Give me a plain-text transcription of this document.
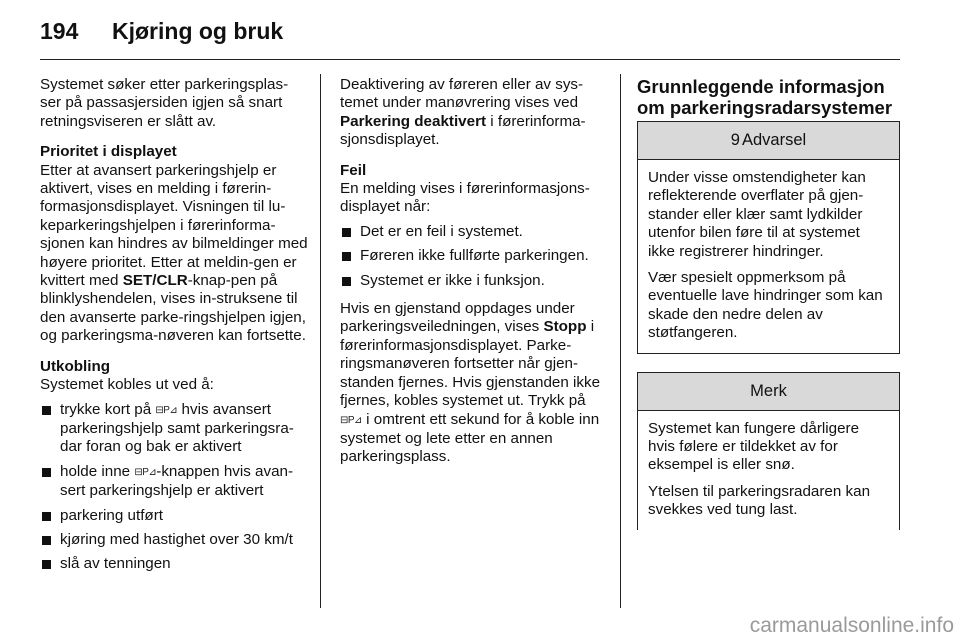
194 Kjøring og bruk

Systemet søker etter parkeringsplas-ser på passasjersiden igjen så snart retningsviseren er slått av.

Prioritet i displayet

Etter at avansert parkeringshjelp er aktivert, vises en melding i førerin-formasjonsdisplayet. Visningen til lu-keparkeringshjelpen i førerinforma-sjonen kan hindres av bilmeldinger med høyere prioritet. Etter at meldin-gen er kvittert med SET/CLR-knap-pen på blinklyshendelen, vises in-struksene til den avanserte parke-ringshjelpen igjen, og parkeringsma-nøveren kan fortsette.

Utkobling

Systemet kobles ut ved å:

trykke kort på ⊟P⊿ hvis avansert parkeringshjelp samt parkeringsra-dar foran og bak er aktivert
holde inne ⊟P⊿-knappen hvis avan-sert parkeringshjelp er aktivert
parkering utført
kjøring med hastighet over 30 km/t
slå av tenningen

Deaktivering av føreren eller av sys-temet under manøvrering vises ved Parkering deaktivert i førerinforma-sjonsdisplayet.

Feil

En melding vises i førerinformasjons-displayet når:

Det er en feil i systemet.
Føreren ikke fullførte parkeringen.
Systemet er ikke i funksjon.

Hvis en gjenstand oppdages under parkeringsveiledningen, vises Stopp i førerinformasjonsdisplayet. Parke-ringsmanøveren fortsetter når gjen-standen fjernes. Hvis gjenstanden ikke fjernes, kobles systemet ut. Trykk på ⊟P⊿ i omtrent ett sekund for å koble inn systemet og lete etter en annen parkeringsplass.

Grunnleggende informasjon om parkeringsradarsystemer
9 Advarsel

Under visse omstendigheter kan reflekterende overflater på gjen-stander eller klær samt lydkilder utenfor bilen føre til at systemet ikke registrerer hindringer.

Vær spesielt oppmerksom på eventuelle lave hindringer som kan skade den nedre delen av støtfangeren.

Merk

Systemet kan fungere dårligere hvis følere er tildekket av for eksempel is eller snø.

Ytelsen til parkeringsradaren kan svekkes ved tung last.

carmanualsonline.info
